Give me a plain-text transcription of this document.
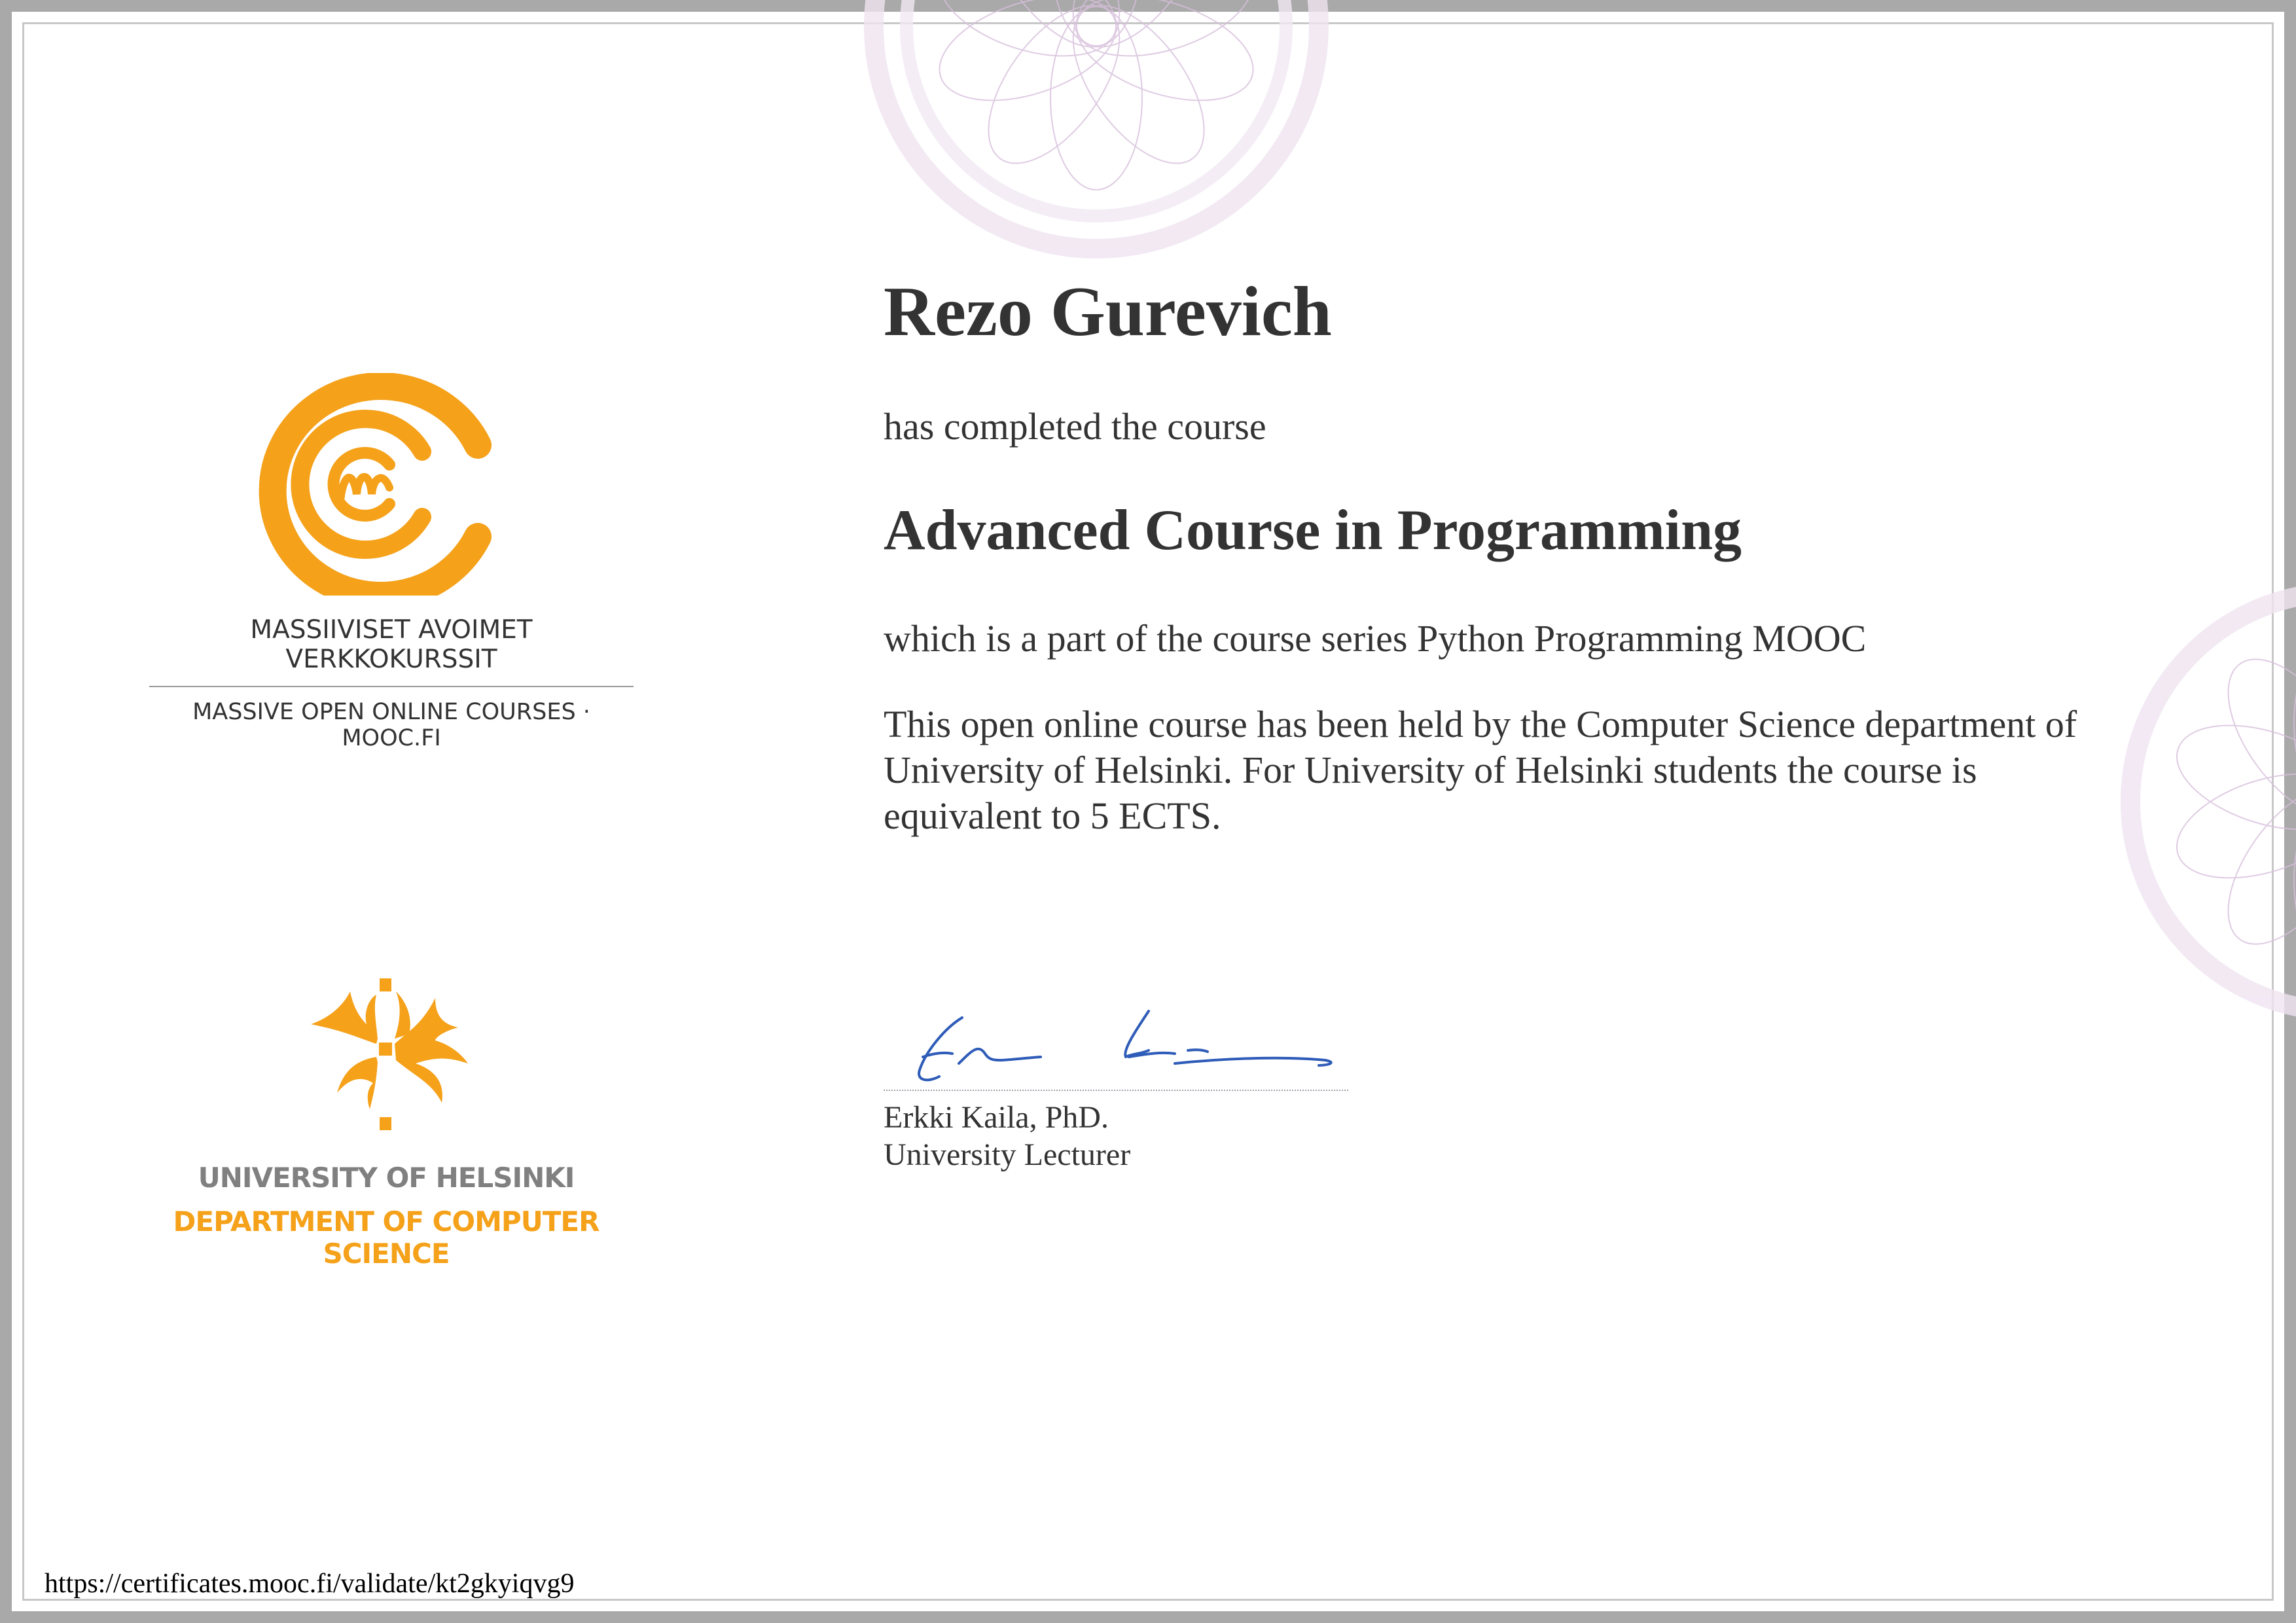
MASSIIVISET AVOIMET VERKKOKURSSIT
MASSIVE OPEN ONLINE COURSES · MOOC.FI
UNIVERSITY OF HELSINKI
DEPARTMENT OF COMPUTER SCIENCE
Rezo Gurevich
has completed the course
Advanced Course in Programming
which is a part of the course series Python Programming MOOC
This open online course has been held by the Computer Science department of University of Helsinki. For University of Helsinki students the course is equivalent to 5 ECTS.
Erkki Kaila, PhD.
University Lecturer
https://certificates.mooc.fi/validate/kt2gkyiqvg9
